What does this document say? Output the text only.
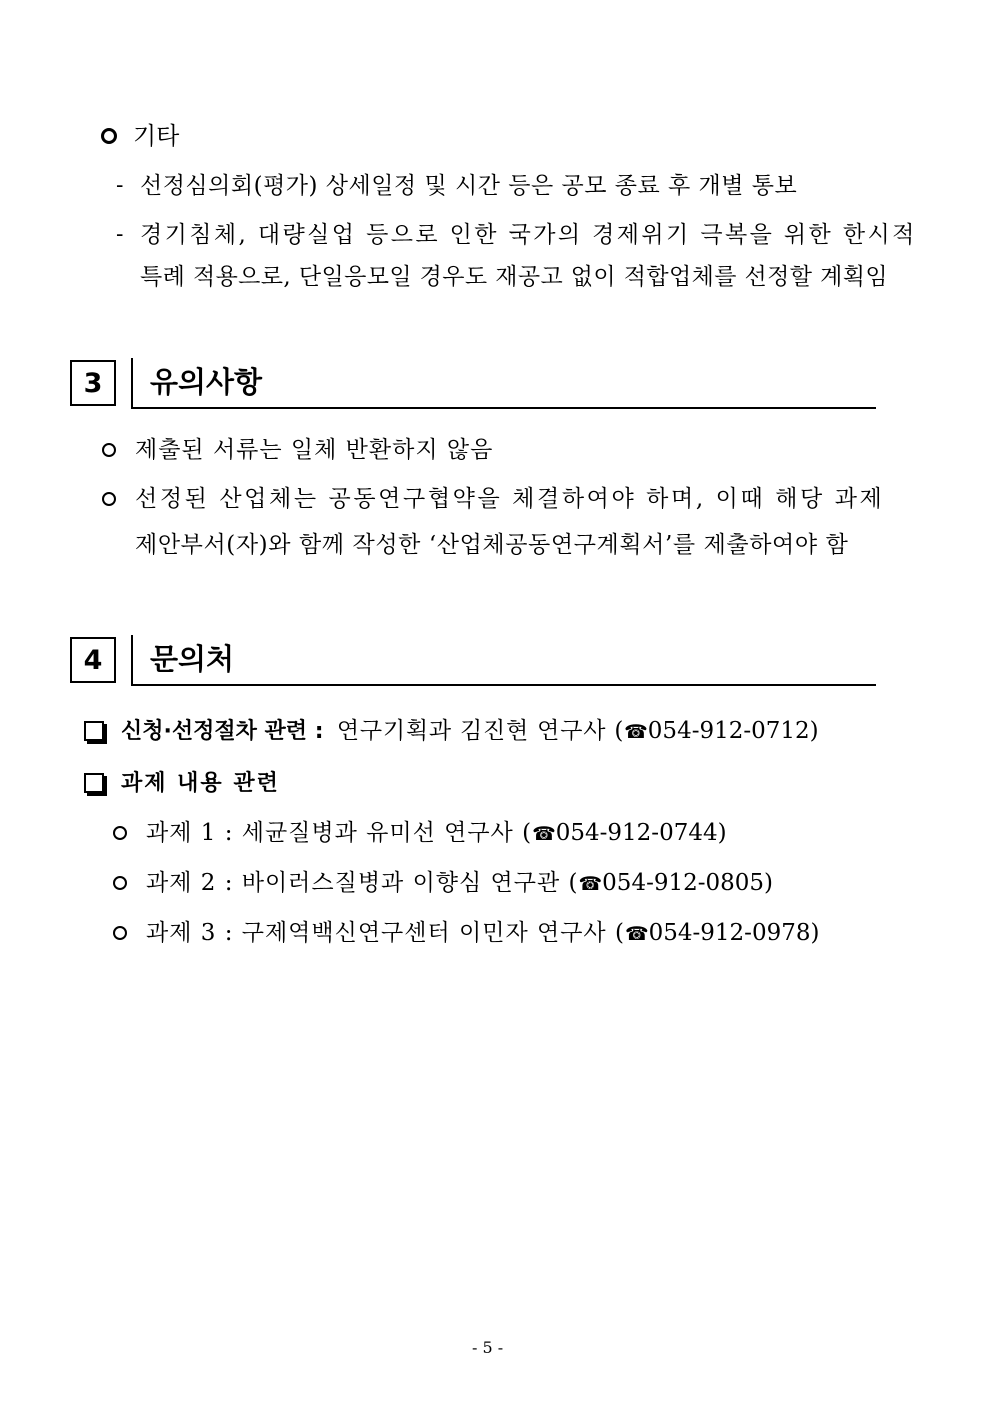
기타
- 선정심의회(평가) 상세일정 및 시간 등은 공모 종료 후 개별 통보
- 경기침체, 대량실업 등으로 인한 국가의 경제위기 극복을 위한 한시적
특례 적용으로, 단일응모일 경우도 재공고 없이 적합업체를 선정할 계획임
3 유의사항
제출된 서류는 일체 반환하지 않음
선정된 산업체는 공동연구협약을 체결하여야 하며, 이때 해당 과제
제안부서(자)와 함께 작성한 ‘산업체공동연구계획서’를 제출하여야 함
4 문의처
신청·선정절차 관련 : 연구기획과 김진현 연구사 (☎054-912-0712)
과제 내용 관련
과제 1 : 세균질병과 유미선 연구사 (☎054-912-0744)
과제 2 : 바이러스질병과 이향심 연구관 (☎054-912-0805)
과제 3 : 구제역백신연구센터 이민자 연구사 (☎054-912-0978)
- 5 -
